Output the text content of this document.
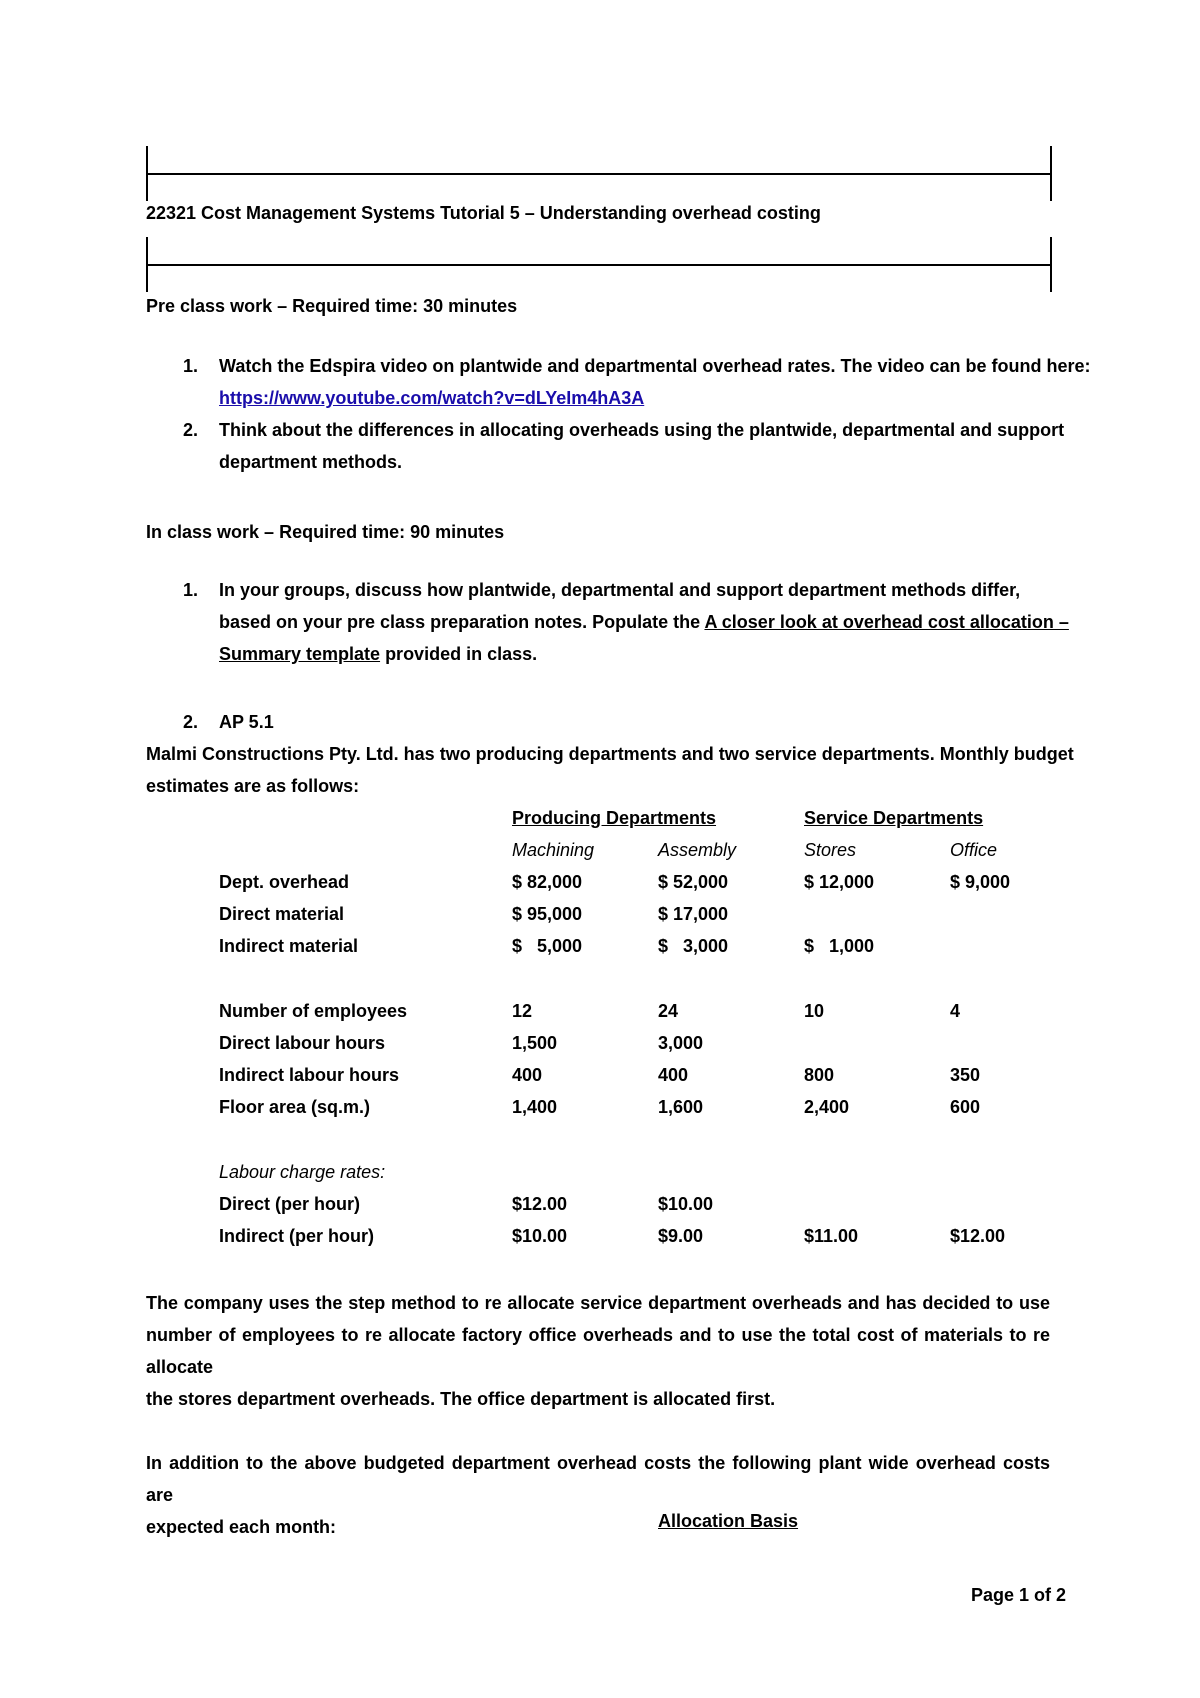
22321 Cost Management Systems Tutorial 5 – Understanding overhead costing
Pre class work – Required time: 30 minutes
1. Watch the Edspira video on plantwide and departmental overhead rates. The video can be found here:
https://www.youtube.com/watch?v=dLYeIm4hA3A
2. Think about the differences in allocating overheads using the plantwide, departmental and support
department methods.
In class work – Required time: 90 minutes
1. In your groups, discuss how plantwide, departmental and support department methods differ,
based on your pre class preparation notes. Populate the A closer look at overhead cost allocation –
Summary template provided in class.
2. AP 5.1
Malmi Constructions Pty. Ltd. has two producing departments and two service departments. Monthly budget
estimates are as follows:
Producing Departments	Service Departments
Machining	Assembly	Stores	Office
Dept. overhead	$ 82,000	$ 52,000	$ 12,000	$ 9,000
Direct material	$ 95,000	$ 17,000
Indirect material	$   5,000	$   3,000	$   1,000
Number of employees	12	24	10	4
Direct labour hours	1,500	3,000
Indirect labour hours	400	400	800	350
Floor area (sq.m.)	1,400	1,600	2,400	600
Labour charge rates:
Direct (per hour)	$12.00	$10.00
Indirect (per hour)	$10.00	$9.00	$11.00	$12.00
The company uses the step method to re allocate service department overheads and has decided to use number of employees to re allocate factory office overheads and to use the total cost of materials to re allocate
the stores department overheads. The office department is allocated first.
In addition to the above budgeted department overhead costs the following plant wide overhead costs are
expected each month:	Allocation Basis
Page 1 of 2
